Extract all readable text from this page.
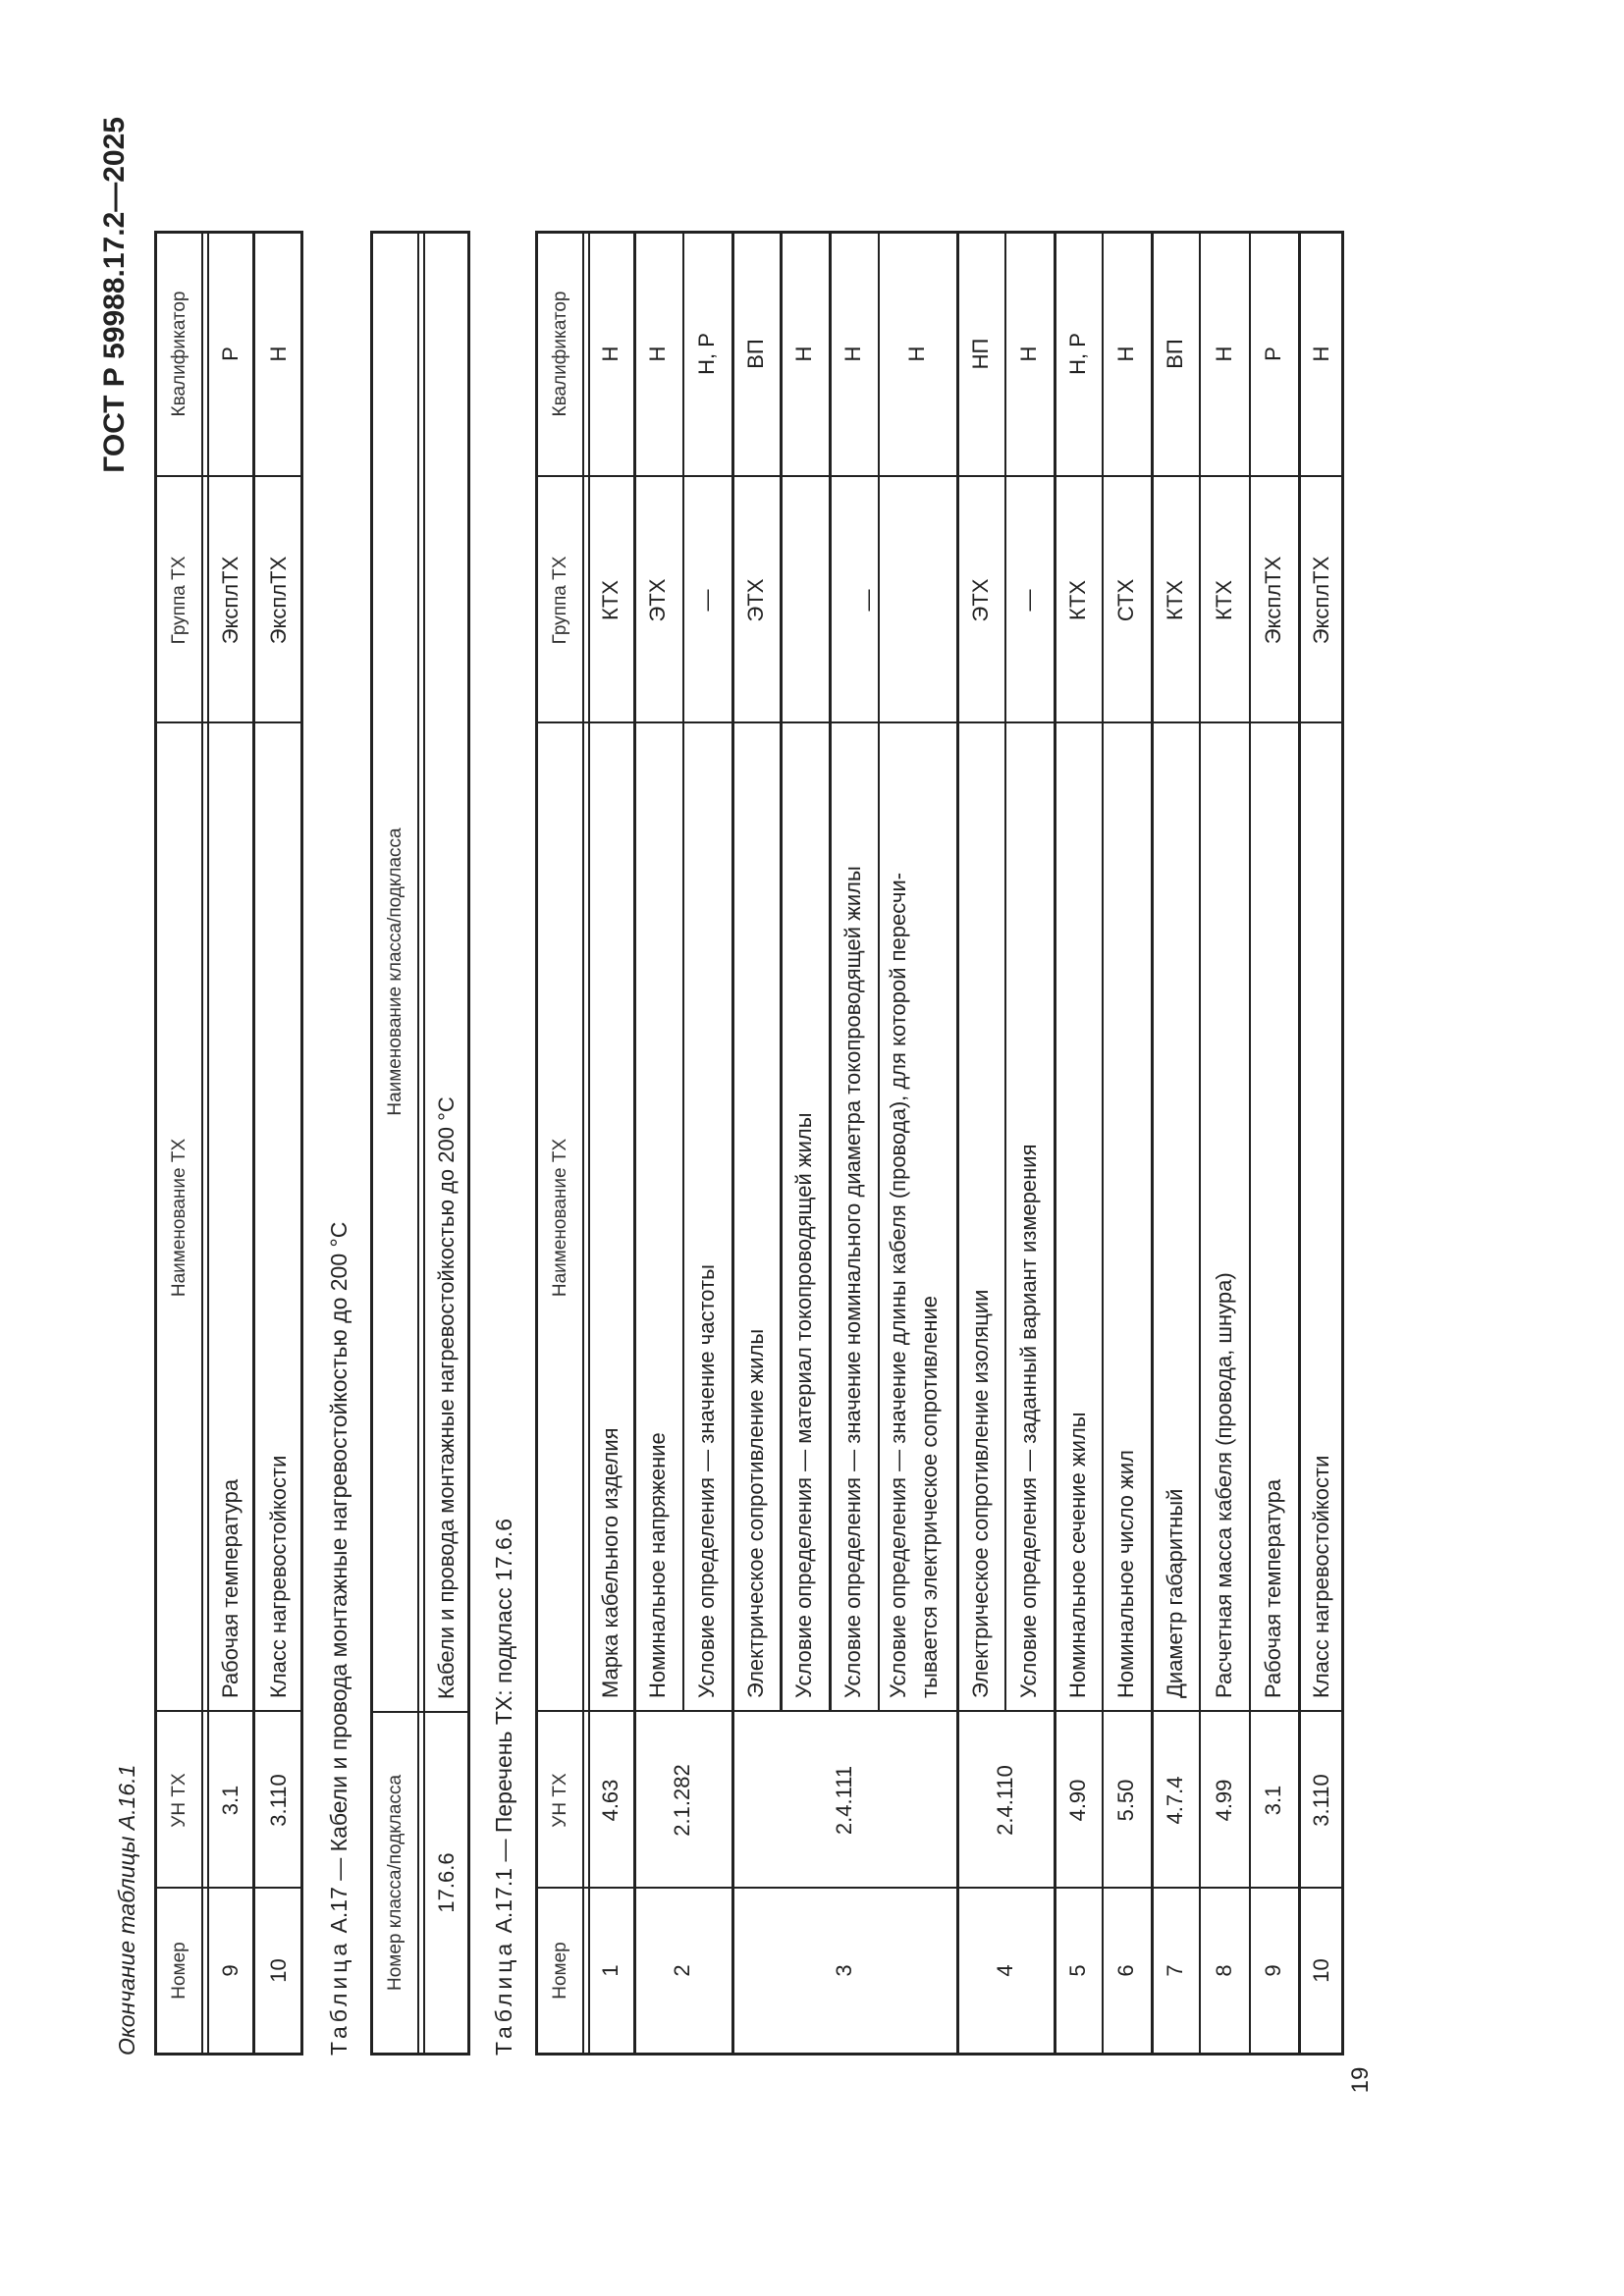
ГОСТ Р 59988.17.2—2025
19
Окончание таблицы А.16.1	Номер
УН ТХ
Наименование ТХ
Группа ТХ
Квалификатор
9
3.1
Рабочая температура
ЭксплТХ
Р
10
3.110
Класс нагревостойкости
ЭксплТХ
Н
Таблица А.17 — Кабели и провода монтажные нагревостойкостью до 200 °С	Номер класса/подкласса
Наименование класса/подкласса
17.6.6
Кабели и провода монтажные нагревостойкостью до 200 °С
Таблица А.17.1 — Перечень ТХ: подкласс 17.6.6
Номер
УН ТХ
Наименование ТХ
Группа ТХ
Квалификатор
1
4.63
Марка кабельного изделия
КТХ
Н
2
2.1.282
Номинальное напряжение
ЭТХ
Н
Условие определения — значение частоты
—
Н, Р
3
2.4.111
Электрическое сопротивление жилы
ЭТХ
ВП
Условие определения — материал токопроводящей жилы
Н
Условие определения — значение номинального диаметра токопроводящей жилы
Н
Условие определения — значение длины кабеля (провода), для которой пересчи- тывается электрическое сопротивление
Н
—
4
2.4.110
Электрическое сопротивление изоляции
ЭТХ
НП
Условие определения — заданный вариант измерения
—
Н
5
4.90
Номинальное сечение жилы
КТХ
Н, Р
6
5.50
Номинальное число жил
СТХ
Н
7
4.7.4
Диаметр габаритный
КТХ
ВП
8
4.99
Расчетная масса кабеля (провода, шнура)
КТХ
Н
9
3.1
Рабочая температура
ЭксплТХ
Р
10
3.110
Класс нагревостойкости
ЭксплТХ
Н
